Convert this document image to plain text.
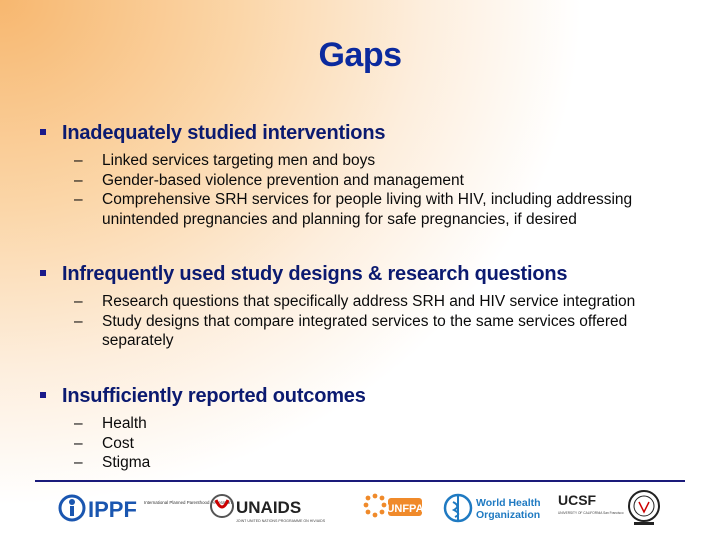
Gaps
Inadequately studied interventions
–	Linked services targeting men and boys
–	Gender-based violence prevention and management
–	Comprehensive SRH services for people living with HIV, including addressing unintended pregnancies and planning for safe pregnancies, if desired
Infrequently used study designs & research questions
–	Research questions that specifically address SRH and HIV service integration
–	Study designs that compare integrated services to the same services offered separately
Insufficiently reported outcomes
–	Health
–	Cost
–	Stigma
IPPF International Planned Parenthood Federation UNAIDS
JOINT UNITED NATIONS PROGRAMME ON HIV/AIDS
UNFPA	World Health
Organization
UCSF
UNIVERSITY OF CALIFORNIA San Francisco
